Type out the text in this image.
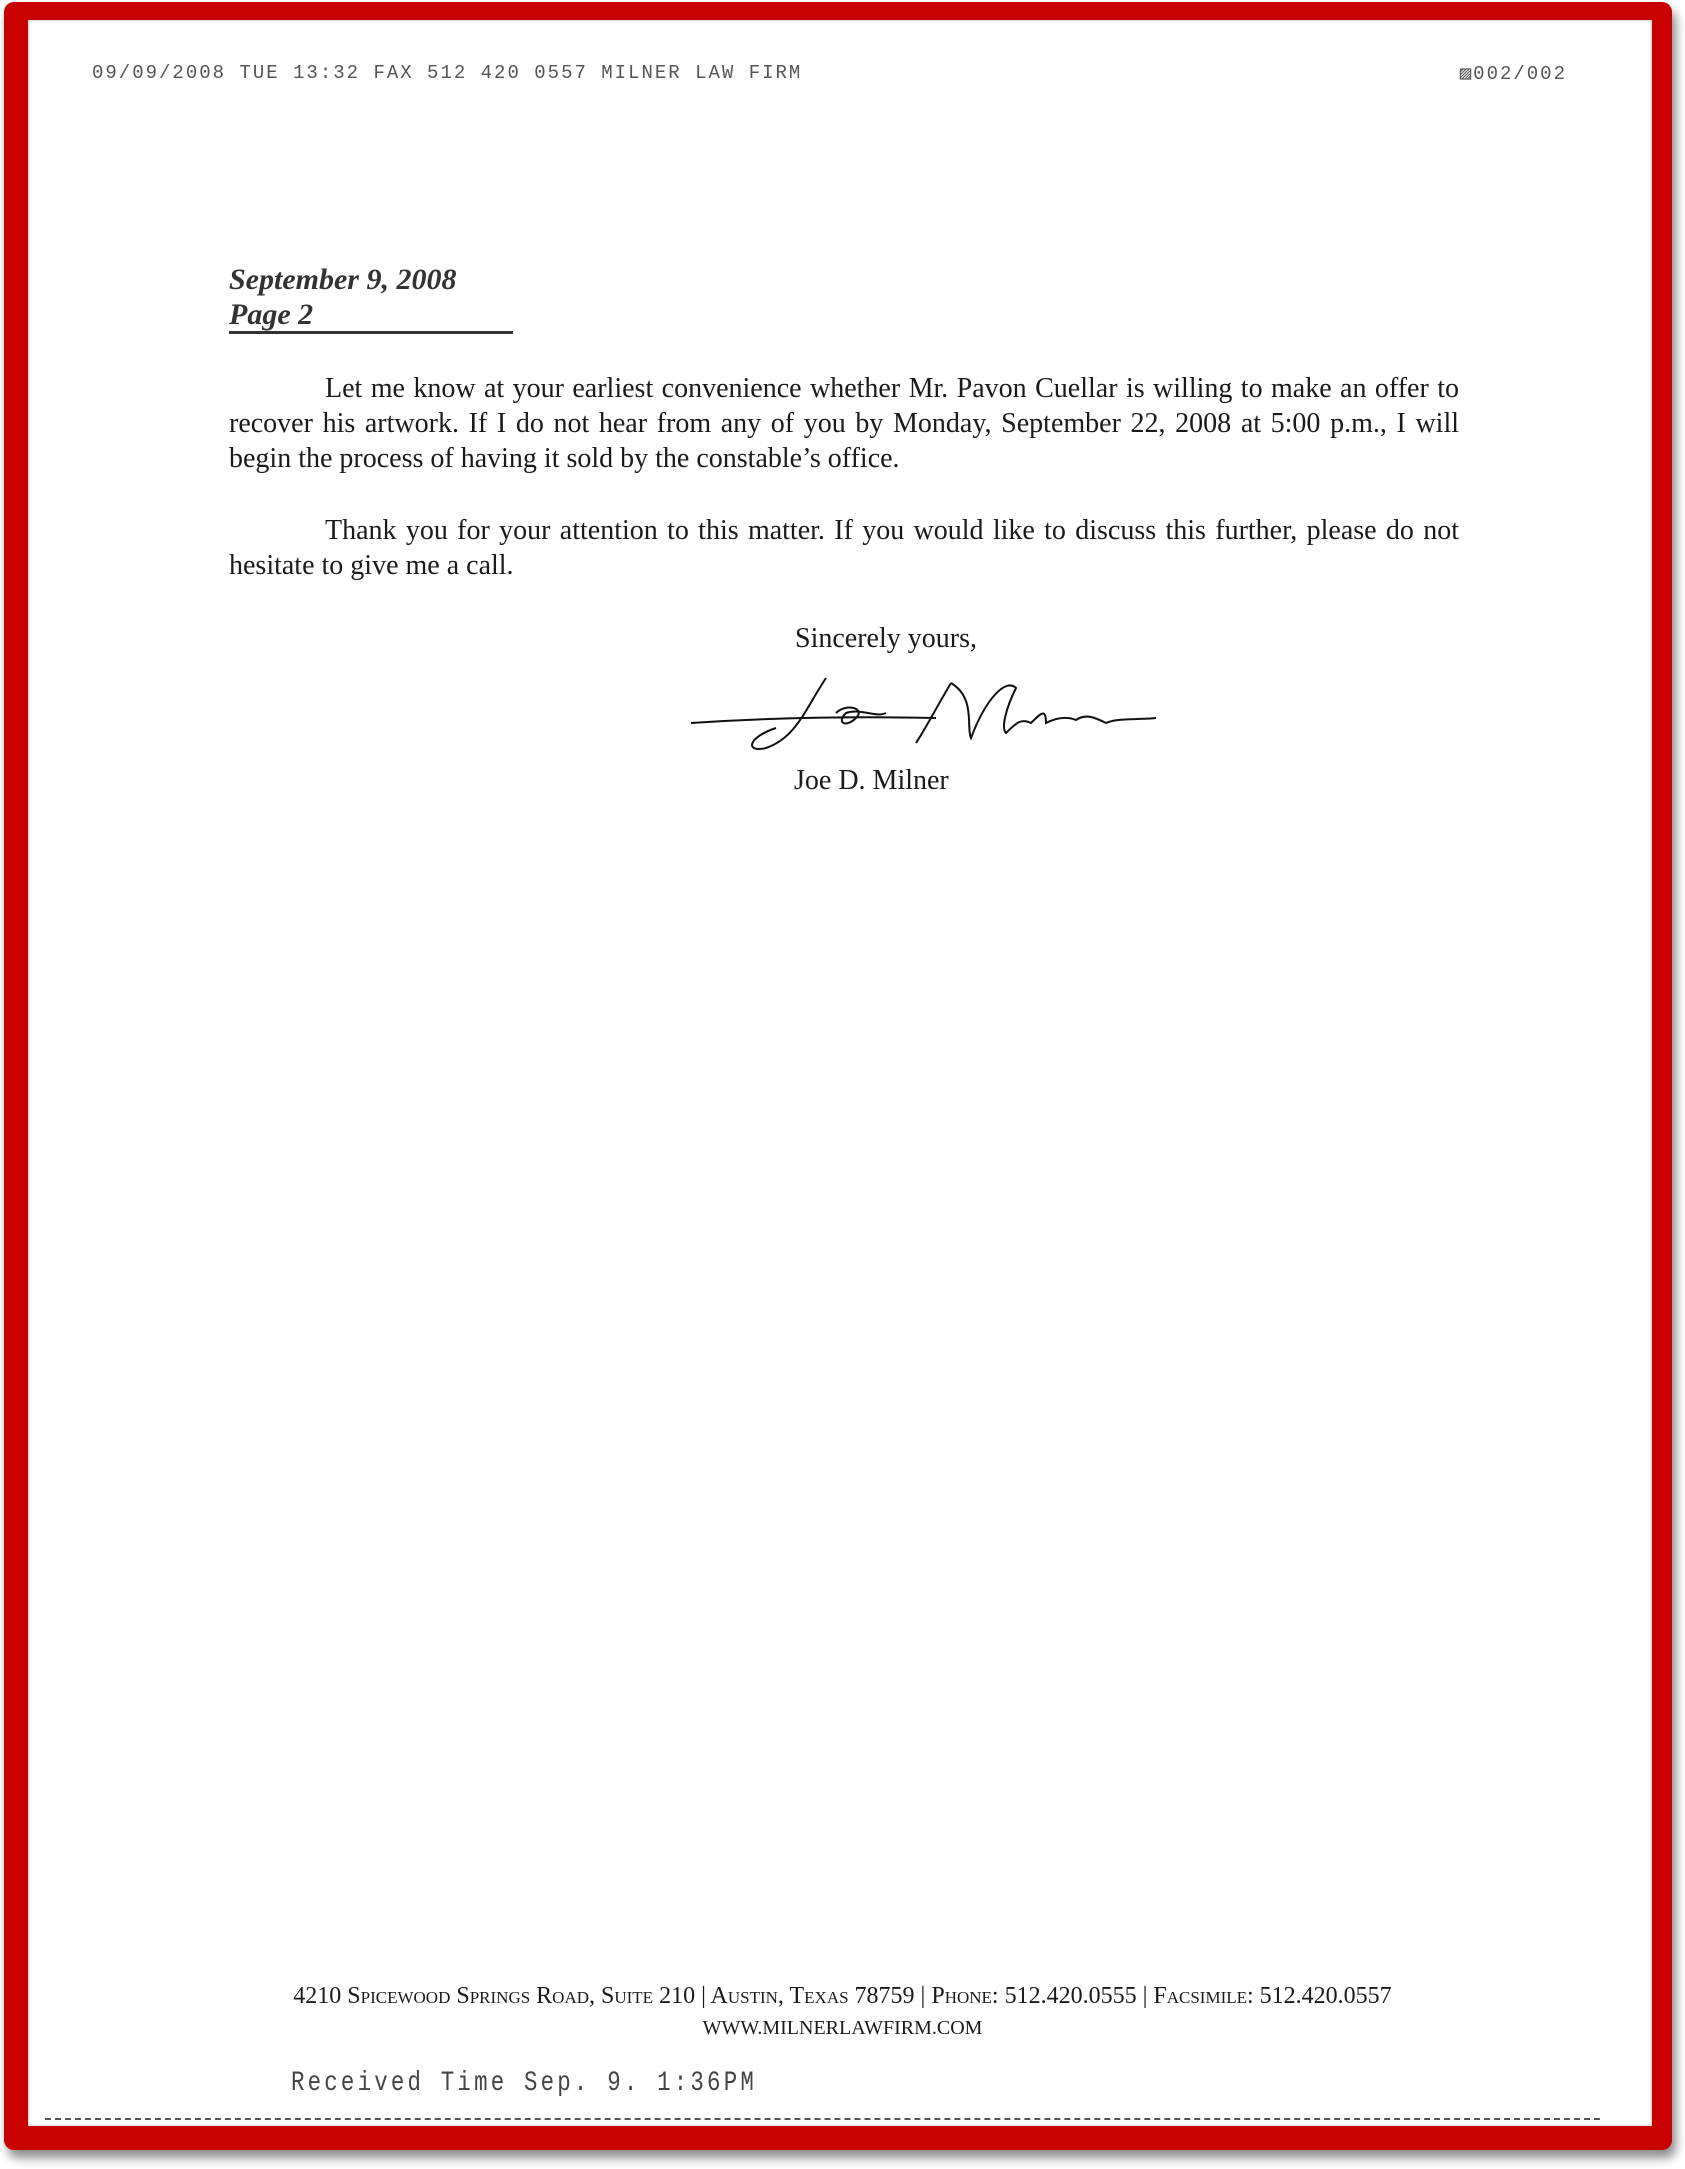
09/09/2008 TUE 13:32 FAX 512 420 0557 MILNER LAW FIRM	▨002/002
September 9, 2008
Page 2
Let me know at your earliest convenience whether Mr. Pavon Cuellar is willing to make an offer to recover his artwork. If I do not hear from any of you by Monday, September 22, 2008 at 5:00 p.m., I will begin the process of having it sold by the constable’s office.
Thank you for your attention to this matter. If you would like to discuss this further, please do not hesitate to give me a call.
Sincerely yours,
Joe D. Milner
4210 Spicewood Springs Road, Suite 210 | Austin, Texas 78759 | Phone: 512.420.0555 | Facsimile: 512.420.0557
WWW.MILNERLAWFIRM.COM
Received Time Sep. 9. 1:36PM
